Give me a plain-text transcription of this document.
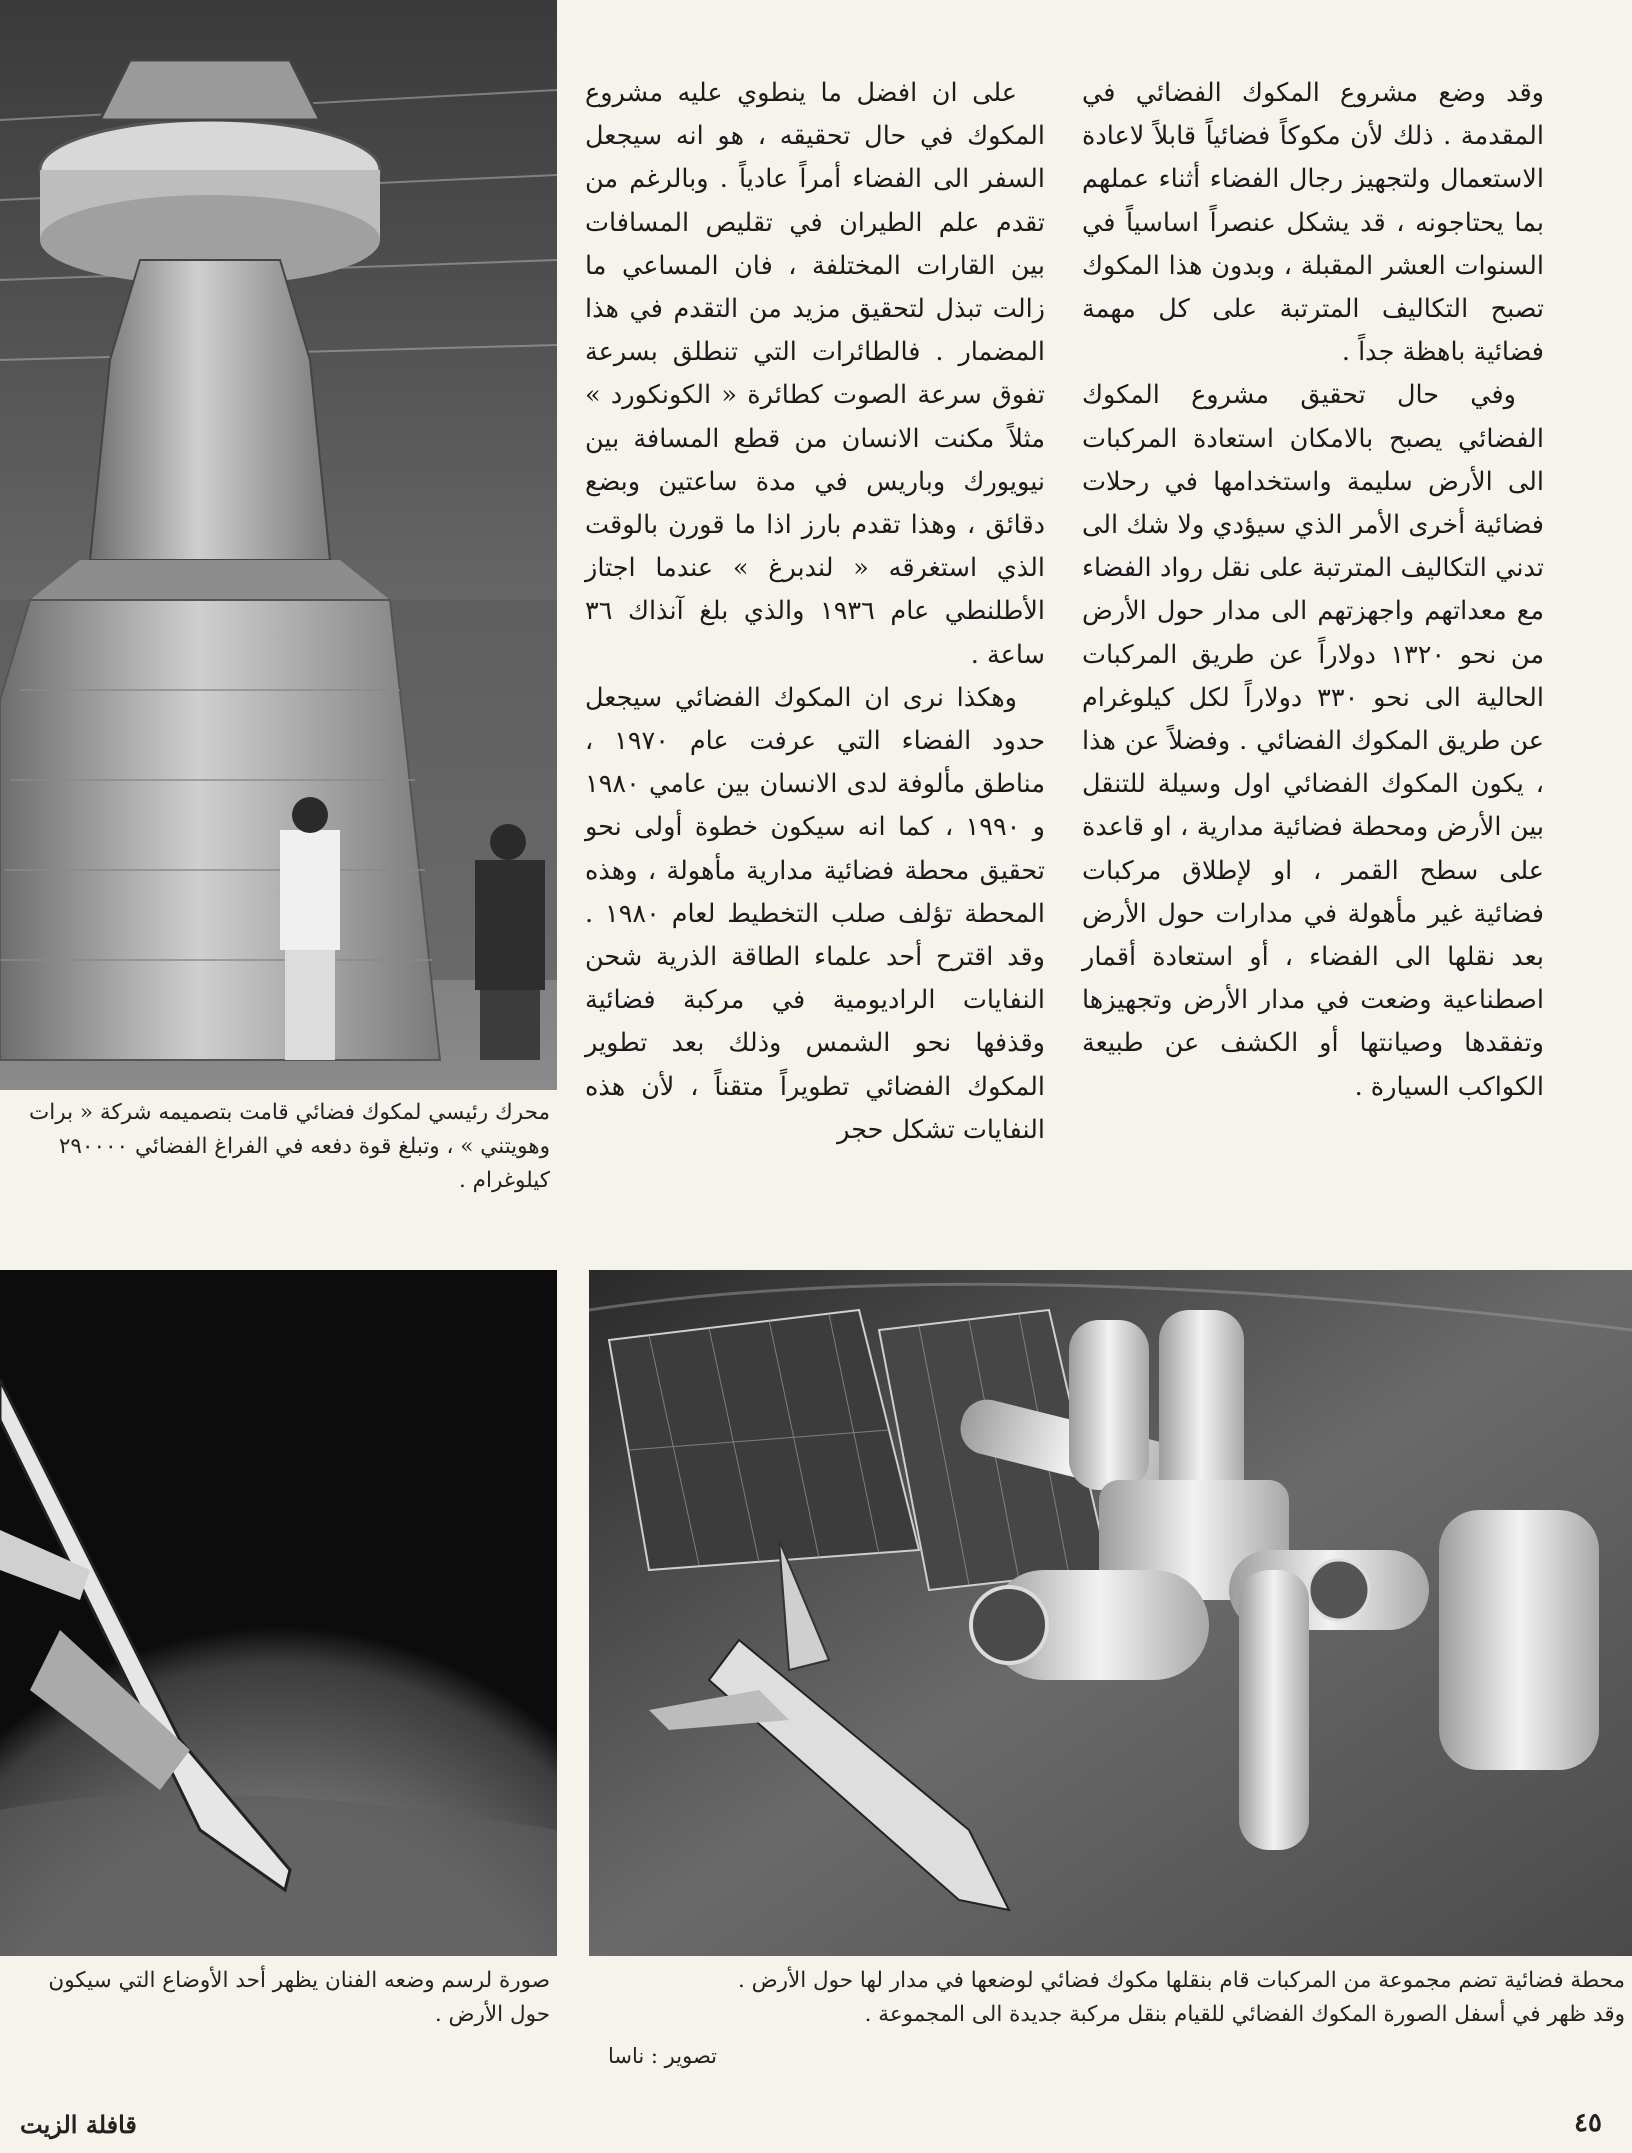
وقد وضع مشروع المكوك الفضائي في المقدمة . ذلك لأن مكوكاً فضائياً قابلاً لاعادة الاستعمال ولتجهيز رجال الفضاء أثناء عملهم بما يحتاجونه ، قد يشكل عنصراً اساسياً في السنوات العشر المقبلة ، وبدون هذا المكوك تصبح التكاليف المترتبة على كل مهمة فضائية باهظة جداً .

وفي حال تحقيق مشروع المكوك الفضائي يصبح بالامكان استعادة المركبات الى الأرض سليمة واستخدامها في رحلات فضائية أخرى الأمر الذي سيؤدي ولا شك الى تدني التكاليف المترتبة على نقل رواد الفضاء مع معداتهم واجهزتهم الى مدار حول الأرض من نحو ١٣٢٠ دولاراً عن طريق المركبات الحالية الى نحو ٣٣٠ دولاراً لكل كيلوغرام عن طريق المكوك الفضائي . وفضلاً عن هذا ، يكون المكوك الفضائي اول وسيلة للتنقل بين الأرض ومحطة فضائية مدارية ، او قاعدة على سطح القمر ، او لإطلاق مركبات فضائية غير مأهولة في مدارات حول الأرض بعد نقلها الى الفضاء ، أو استعادة أقمار اصطناعية وضعت في مدار الأرض وتجهيزها وتفقدها وصيانتها أو الكشف عن طبيعة الكواكب السيارة .

على ان افضل ما ينطوي عليه مشروع المكوك في حال تحقيقه ، هو انه سيجعل السفر الى الفضاء أمراً عادياً . وبالرغم من تقدم علم الطيران في تقليص المسافات بين القارات المختلفة ، فان المساعي ما زالت تبذل لتحقيق مزيد من التقدم في هذا المضمار . فالطائرات التي تنطلق بسرعة تفوق سرعة الصوت كطائرة « الكونكورد » مثلاً مكنت الانسان من قطع المسافة بين نيويورك وباريس في مدة ساعتين وبضع دقائق ، وهذا تقدم بارز اذا ما قورن بالوقت الذي استغرقه « لندبرغ » عندما اجتاز الأطلنطي عام ١٩٣٦ والذي بلغ آنذاك ٣٦ ساعة .

وهكذا نرى ان المكوك الفضائي سيجعل حدود الفضاء التي عرفت عام ١٩٧٠ ، مناطق مألوفة لدى الانسان بين عامي ١٩٨٠ و ١٩٩٠ ، كما انه سيكون خطوة أولى نحو تحقيق محطة فضائية مدارية مأهولة ، وهذه المحطة تؤلف صلب التخطيط لعام ١٩٨٠ . وقد اقترح أحد علماء الطاقة الذرية شحن النفايات الراديومية في مركبة فضائية وقذفها نحو الشمس وذلك بعد تطوير المكوك الفضائي تطويراً متقناً ، لأن هذه النفايات تشكل حجر

محرك رئيسي لمكوك فضائي قامت بتصميمه شركة « برات وهويتني » ، وتبلغ قوة دفعه في الفراغ الفضائي ٢٩٠٠٠٠ كيلوغرام .
صورة لرسم وضعه الفنان يظهر أحد الأوضاع التي سيكون حول الأرض .
محطة فضائية تضم مجموعة من المركبات قام بنقلها مكوك فضائي لوضعها في مدار لها حول الأرض .
وقد ظهر في أسفل الصورة المكوك الفضائي للقيام بنقل مركبة جديدة الى المجموعة .
تصوير : ناسا
قافلة الزيت	٤٥
